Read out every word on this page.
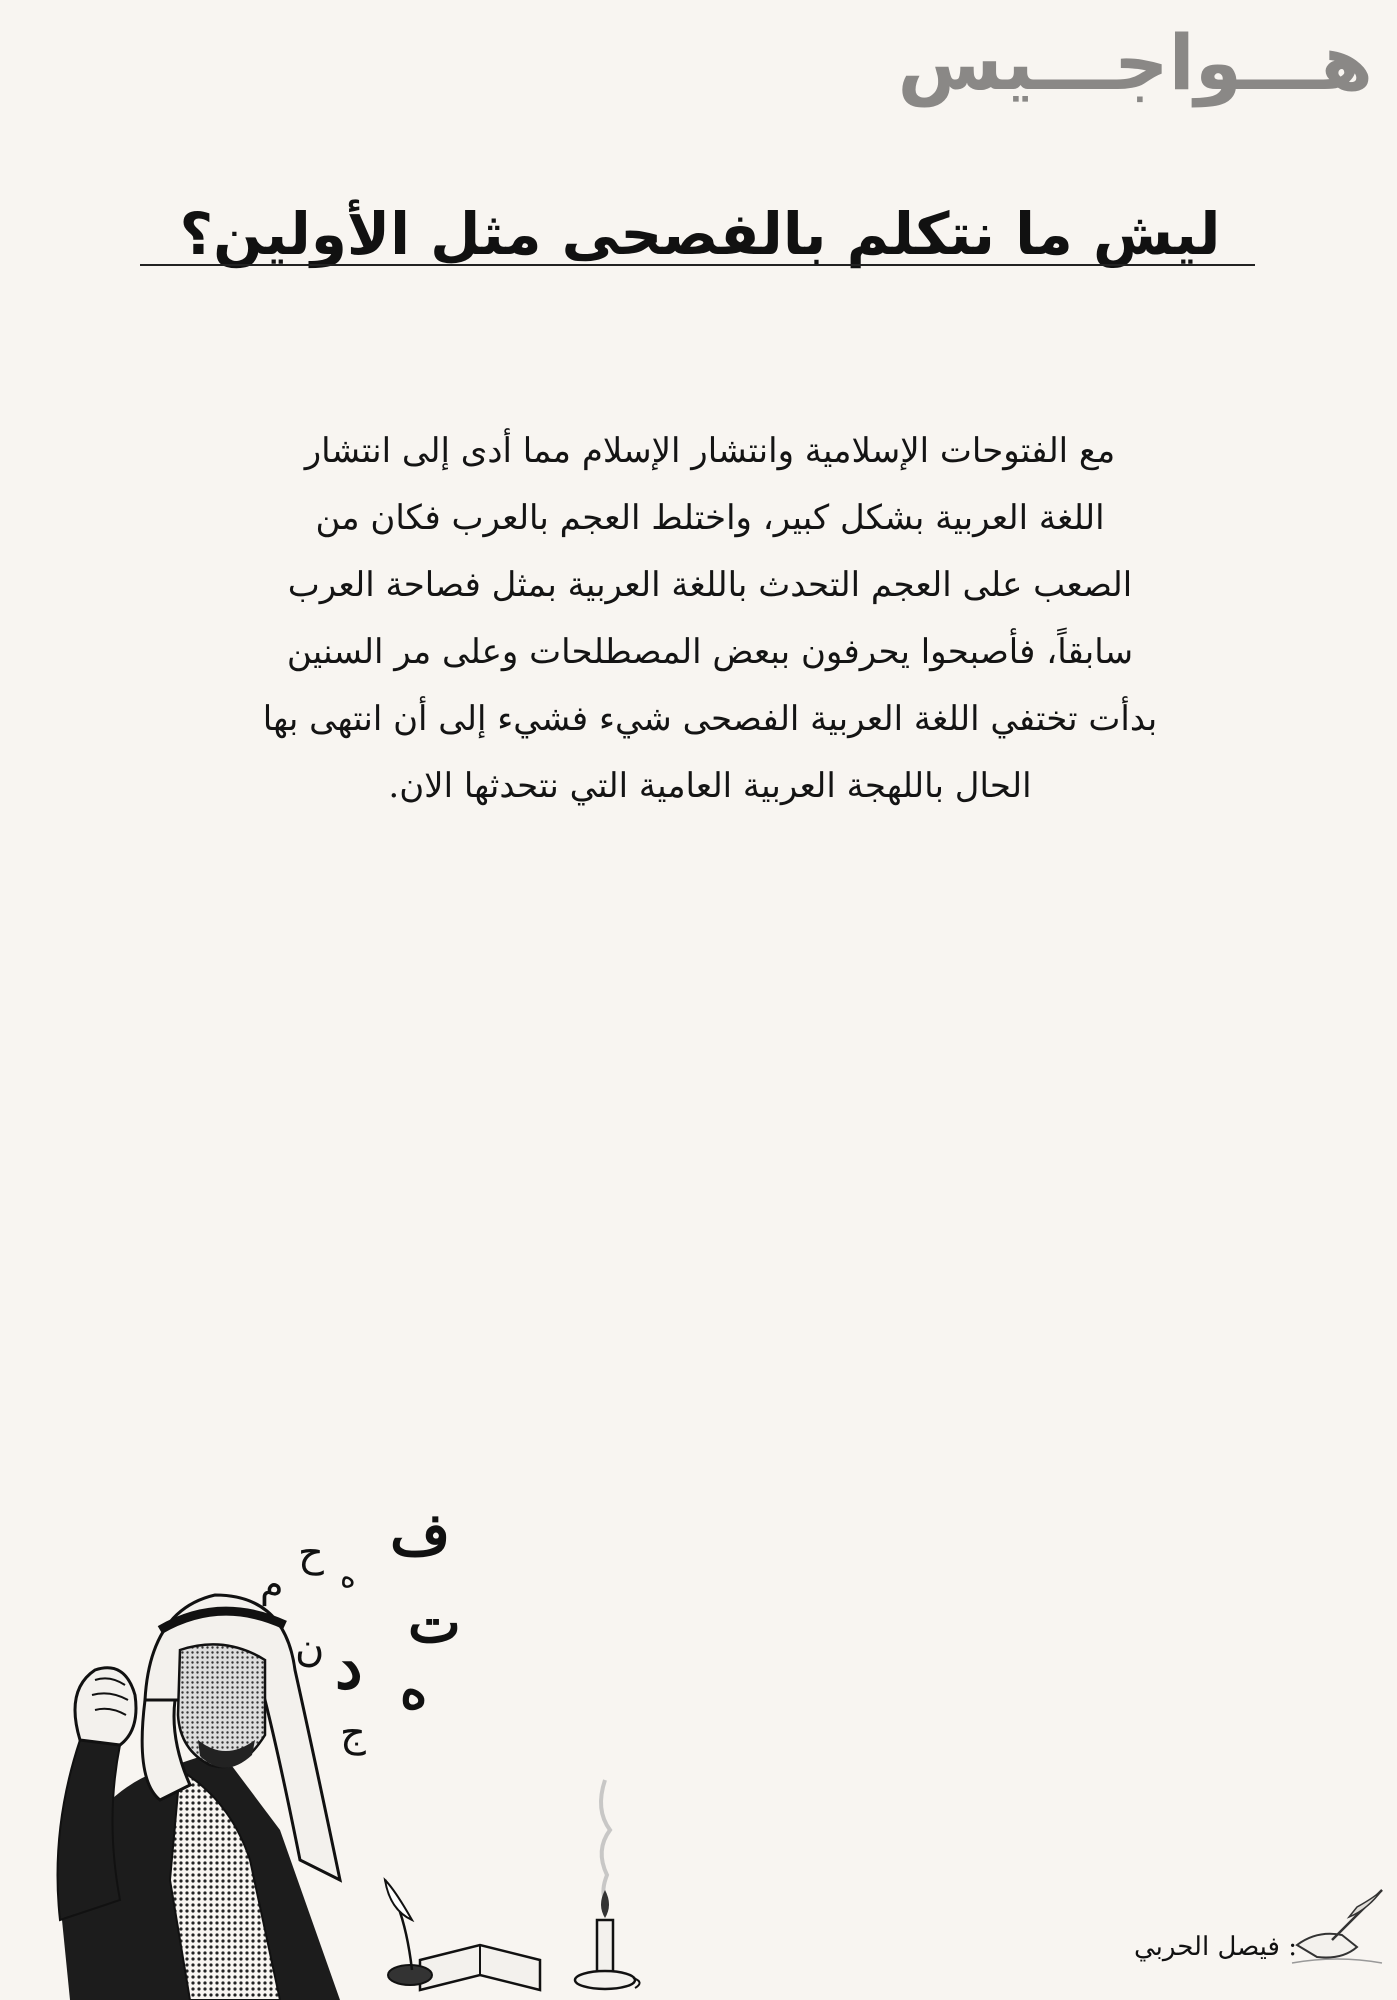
هـــواجـــيس
ليش ما نتكلم بالفصحى مثل الأولين؟

مع الفتوحات الإسلامية وانتشار الإسلام مما أدى إلى انتشار

اللغة العربية بشكل كبير، واختلط العجم بالعرب فكان من

الصعب على العجم التحدث باللغة العربية بمثل فصاحة العرب

سابقاً، فأصبحوا يحرفون ببعض المصطلحات وعلى مر السنين

بدأت تختفي اللغة العربية الفصحى شيء فشيء إلى أن انتهى بها

الحال باللهجة العربية العامية التي نتحدثها الان.

ف
ت
ه
ح
ه
م
د
ن
ج
: فيصل الحربي
